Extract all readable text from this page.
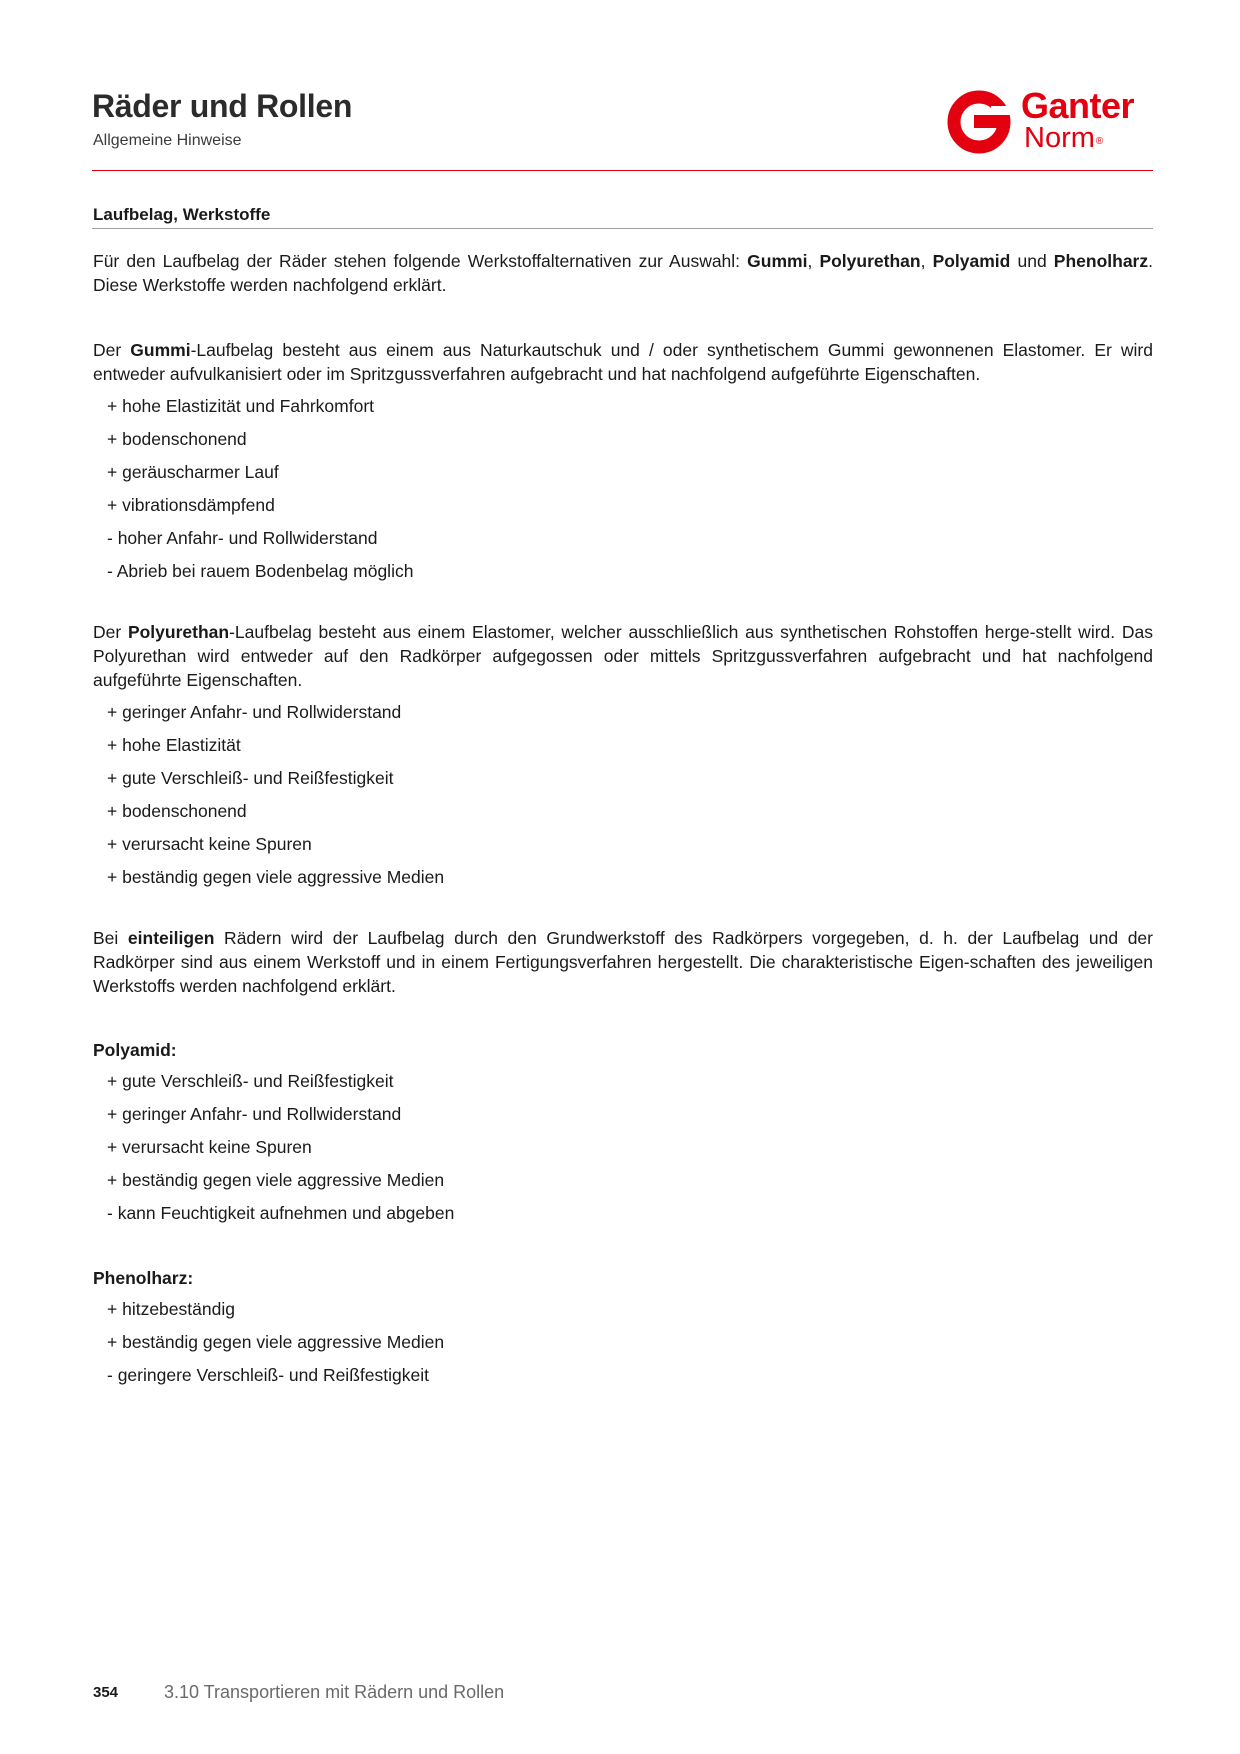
Räder und Rollen
Allgemeine Hinweise
Ganter
Norm®
Laufbelag, Werkstoffe

Für den Laufbelag der Räder stehen folgende Werkstoffalternativen zur Auswahl: Gummi, Polyurethan, Polyamid und Phenolharz. Diese Werkstoffe werden nachfolgend erklärt.

Der Gummi-Laufbelag besteht aus einem aus Naturkautschuk und / oder synthetischem Gummi gewonnenen Elastomer. Er wird entweder aufvulkanisiert oder im Spritzgussverfahren aufgebracht und hat nachfolgend aufgeführte Eigenschaften.

+ hohe Elastizität und Fahrkomfort
+ bodenschonend
+ geräuscharmer Lauf
+ vibrationsdämpfend
- hoher Anfahr- und Rollwiderstand
- Abrieb bei rauem Bodenbelag möglich

Der Polyurethan-Laufbelag besteht aus einem Elastomer, welcher ausschließlich aus synthetischen Rohstoffen herge-stellt wird. Das Polyurethan wird entweder auf den Radkörper aufgegossen oder mittels Spritzgussverfahren aufgebracht und hat nachfolgend aufgeführte Eigenschaften.

+ geringer Anfahr- und Rollwiderstand
+ hohe Elastizität
+ gute Verschleiß- und Reißfestigkeit
+ bodenschonend
+ verursacht keine Spuren
+ beständig gegen viele aggressive Medien

Bei einteiligen Rädern wird der Laufbelag durch den Grundwerkstoff des Radkörpers vorgegeben, d. h. der Laufbelag und der Radkörper sind aus einem Werkstoff und in einem Fertigungsverfahren hergestellt. Die charakteristische Eigen-schaften des jeweiligen Werkstoffs werden nachfolgend erklärt.

Polyamid:

+ gute Verschleiß- und Reißfestigkeit
+ geringer Anfahr- und Rollwiderstand
+ verursacht keine Spuren
+ beständig gegen viele aggressive Medien
- kann Feuchtigkeit aufnehmen und abgeben

Phenolharz:

+ hitzebeständig
+ beständig gegen viele aggressive Medien
- geringere Verschleiß- und Reißfestigkeit
354	3.10 Transportieren mit Rädern und Rollen
